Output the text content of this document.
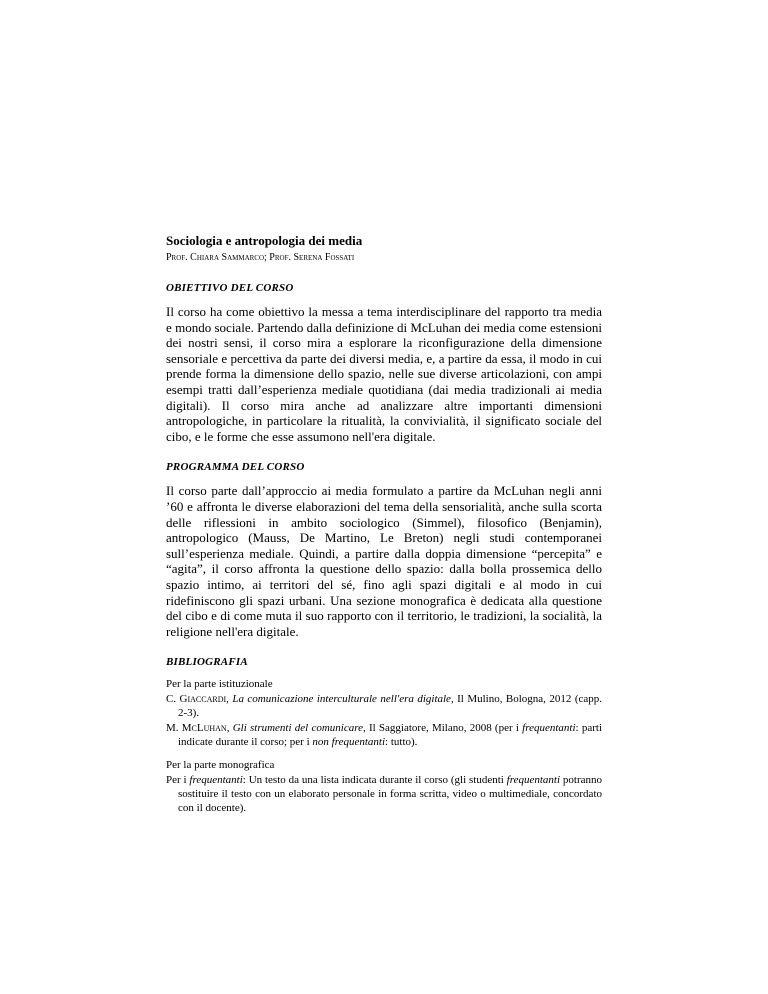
Sociologia e antropologia dei media

Prof. Chiara Sammarco; Prof. Serena Fossati

OBIETTIVO DEL CORSO

Il corso ha come obiettivo la messa a tema interdisciplinare del rapporto tra media e mondo sociale. Partendo dalla definizione di McLuhan dei media come estensioni dei nostri sensi, il corso mira a esplorare la riconfigurazione della dimensione sensoriale e percettiva da parte dei diversi media, e, a partire da essa, il modo in cui prende forma la dimensione dello spazio, nelle sue diverse articolazioni, con ampi esempi tratti dall’esperienza mediale quotidiana (dai media tradizionali ai media digitali). Il corso mira anche ad analizzare altre importanti dimensioni antropologiche, in particolare la ritualità, la convivialità, il significato sociale del cibo, e le forme che esse assumono nell'era digitale.

PROGRAMMA DEL CORSO

Il corso parte dall’approccio ai media formulato a partire da McLuhan negli anni ’60 e affronta le diverse elaborazioni del tema della sensorialità, anche sulla scorta delle riflessioni in ambito sociologico (Simmel), filosofico (Benjamin), antropologico (Mauss, De Martino, Le Breton) negli studi contemporanei sull’esperienza mediale. Quindi, a partire dalla doppia dimensione “percepita” e “agita”, il corso affronta la questione dello spazio: dalla bolla prossemica dello spazio intimo, ai territori del sé, fino agli spazi digitali e al modo in cui ridefiniscono gli spazi urbani. Una sezione monografica è dedicata alla questione del cibo e di come muta il suo rapporto con il territorio, le tradizioni, la socialità, la religione nell'era digitale.

BIBLIOGRAFIA

Per la parte istituzionale

C. Giaccardi, La comunicazione interculturale nell'era digitale, Il Mulino, Bologna, 2012 (capp. 2-3).

M. McLuhan, Gli strumenti del comunicare, Il Saggiatore, Milano, 2008 (per i frequentanti: parti indicate durante il corso; per i non frequentanti: tutto).

Per la parte monografica

Per i frequentanti: Un testo da una lista indicata durante il corso (gli studenti frequentanti potranno sostituire il testo con un elaborato personale in forma scritta, video o multimediale, concordato con il docente).
